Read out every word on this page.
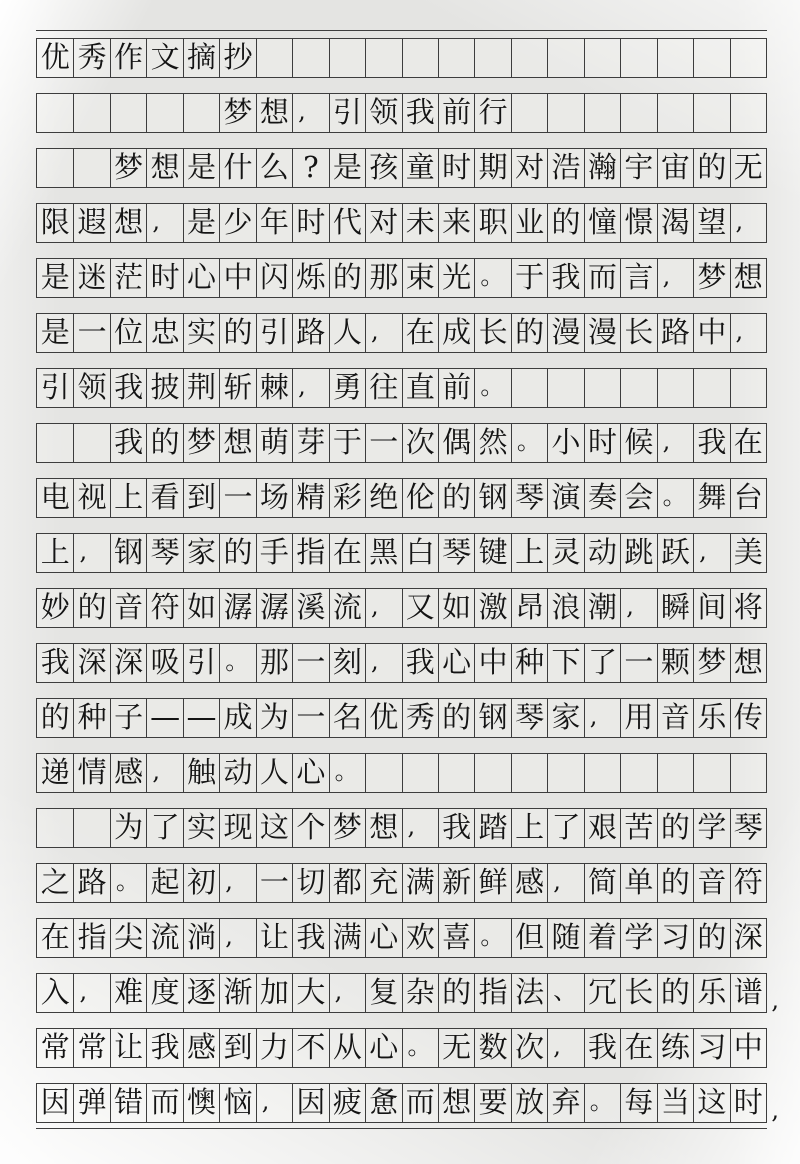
优 秀 作 文 摘 抄
梦 想 , 引 领 我 前 行
梦 想 是 什 么 ? 是 孩 童 时 期 对 浩 瀚 宇 宙 的 无
限 遐 想 , 是 少 年 时 代 对 未 来 职 业 的 憧 憬 渴 望 ,
是 迷 茫 时 心 中 闪 烁 的 那 束 光 。 于 我 而 言 , 梦 想
是 一 位 忠 实 的 引 路 人 , 在 成 长 的 漫 漫 长 路 中 ,
引 领 我 披 荆 斩 棘 , 勇 往 直 前 。
我 的 梦 想 萌 芽 于 一 次 偶 然 。 小 时 候 , 我 在
电 视 上 看 到 一 场 精 彩 绝 伦 的 钢 琴 演 奏 会 。 舞 台
上 , 钢 琴 家 的 手 指 在 黑 白 琴 键 上 灵 动 跳 跃 , 美
妙 的 音 符 如 潺 潺 溪 流 , 又 如 激 昂 浪 潮 , 瞬 间 将
我 深 深 吸 引 。 那 一 刻 , 我 心 中 种 下 了 一 颗 梦 想
的 种 子 — — 成 为 一 名 优 秀 的 钢 琴 家 , 用 音 乐 传
递 情 感 , 触 动 人 心 。
为 了 实 现 这 个 梦 想 , 我 踏 上 了 艰 苦 的 学 琴
之 路 。 起 初 , 一 切 都 充 满 新 鲜 感 , 简 单 的 音 符
在 指 尖 流 淌 , 让 我 满 心 欢 喜 。 但 随 着 学 习 的 深
入 , 难 度 逐 渐 加 大 , 复 杂 的 指 法 、 冗 长 的 乐 谱 ,
常 常 让 我 感 到 力 不 从 心 。 无 数 次 , 我 在 练 习 中
因 弹 错 而 懊 恼 , 因 疲 惫 而 想 要 放 弃 。 每 当 这 时 ,
